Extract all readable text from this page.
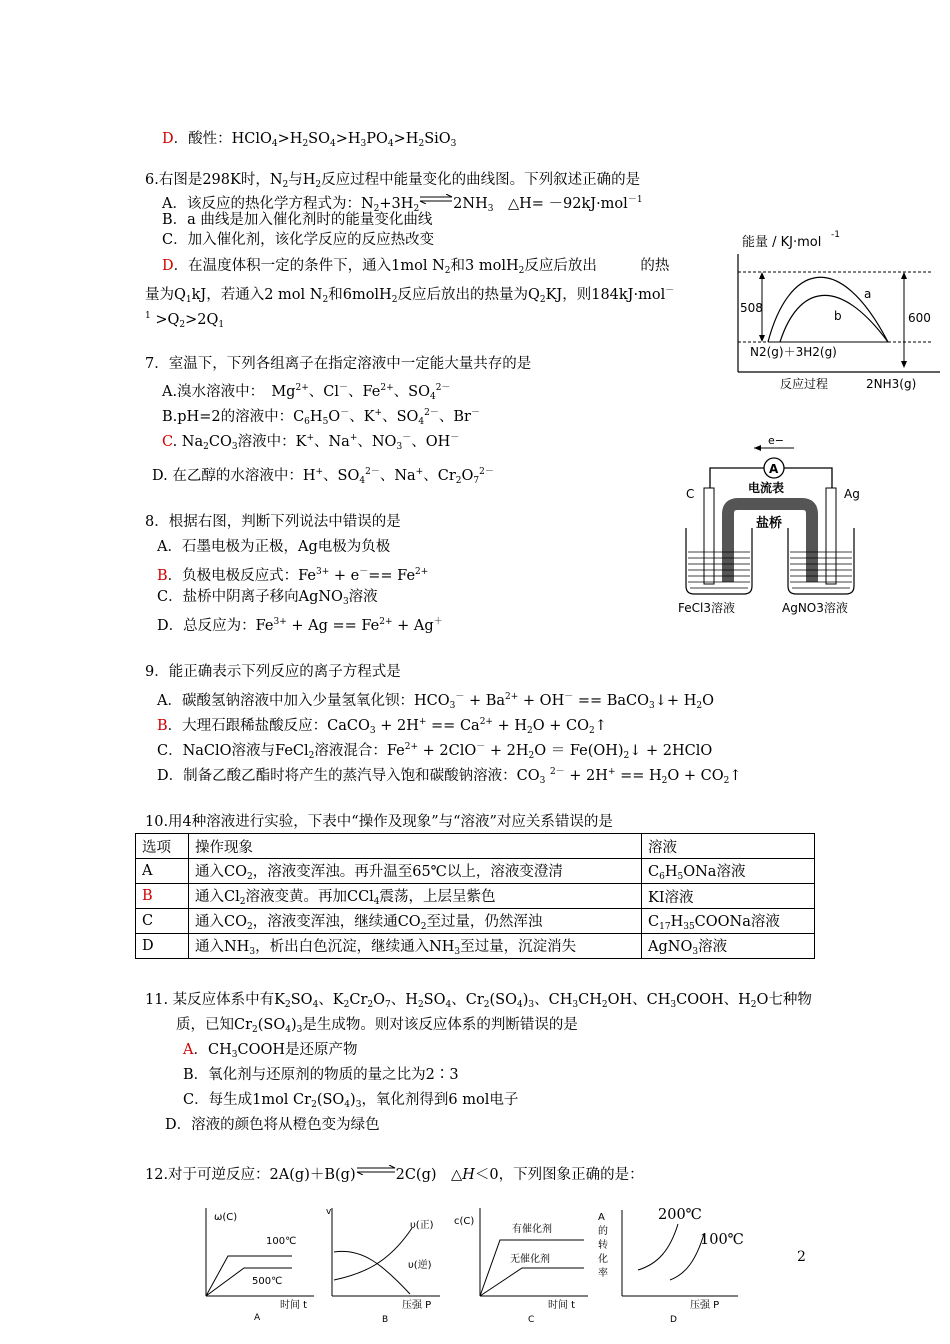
D．酸性：$HClO_4>H_2SO_4>H_3PO_4>H_2SiO_3$
6.右图是298K时，$N_2$与$H_2$反应过程中能量变化的曲线图。下列叙述正确的是
A．该反应的热化学方程式为：$N_2+3H_2$ $2NH_3$　△H= －92kJ·mol$^{-1}$
B．a 曲线是加入催化剂时的能量变化曲线
C．加入催化剂，该化学反应的反应热改变
D．在温度体积一定的条件下，通入1mol $N_2$和3 molH$_2$反应后放出　　　的热
量为$Q_1kJ$，若通入2 mol $N_2$和6molH$_2$反应后放出的热量为$Q_2KJ$，则184kJ·mol－
$^1 >Q_2>2Q_1$
能量 / KJ·mol -1
508
600
a
b
N2(g)＋3H2(g)
反应过程	2NH3(g)
7．室温下，下列各组离子在指定溶液中一定能大量共存的是
A.溴水溶液中：　$Mg^{2+}$、Cl－、$Fe^{2+}$、$SO_4^{2-}$
B.pH=2的溶液中：$C_6H_5O^-$、K+、$SO_4^{2-}$、Br－
C. $Na_2CO_3$溶液中：K+、Na+、$NO_3^-$、OH－
D. 在乙醇的水溶液中：H+、$SO_4^{2-}$、Na+、$Cr_2O_7^{2-}$
8．根据右图，判断下列说法中错误的是
A．石墨电极为正极，Ag电极为负极
B．负极电极反应式：$Fe^{3+} + e^-== Fe^{2+}$
C．盐桥中阴离子移向AgNO$_3$溶液
D．总反应为：$Fe^{3+} + Ag == Fe^{2+} + Ag^+$
e−
A
电流表
C	Ag
盐桥
FeCl3溶液	AgNO3溶液
9．能正确表示下列反应的离子方程式是
A．碳酸氢钠溶液中加入少量氢氧化钡：$HCO_3^- + Ba^{2+} + OH^-$ == BaCO$_3$↓+ $H_2O$
B．大理石跟稀盐酸反应：CaCO$_3$ + $2H^+ == Ca^{2+} + H_2O$ + $CO_2↑$
C．NaClO溶液与FeCl$_2$溶液混合：$Fe^{2+} + 2ClO^- + 2H_2O$ ＝ $Fe(OH)_2↓$ + 2HClO
D．制备乙酸乙酯时将产生的蒸汽导入饱和碳酸钠溶液：$CO_3$ $^{2-} + 2H^+ == H_2O$ + $CO_2↑$
10.用4种溶液进行实验，下表中“操作及现象”与“溶液”对应关系错误的是
选项	操作现象	溶液
A	通入$CO_2$，溶液变浑浊。再升温至65℃以上，溶液变澄清	$C_6H_5ONa$溶液
B	通入$Cl_2$溶液变黄。再加CCl$_4$震荡，上层呈紫色	KI溶液
C	通入$CO_2$，溶液变浑浊，继续通$CO_2$至过量，仍然浑浊	$C_{17}H_{35}COONa$溶液
D	通入$NH_3$，析出白色沉淀，继续通入$NH_3$至过量，沉淀消失	AgNO$_3$溶液
11. 某反应体系中有$K_2SO_4$、$K_2Cr_2O_7$、$H_2SO_4$、$Cr_2(SO_4)_3$、$CH_3CH_2OH$、$CH_3COOH$、$H_2O$七种物
质，已知$Cr_2(SO_4)_3$是生成物。则对该反应体系的判断错误的是
A．$CH_3COOH$是还原产物
B．氧化剂与还原剂的物质的量之比为2∶3
C．每生成1mol $Cr_2(SO_4)_3$，氧化剂得到6 mol电子
D．溶液的颜色将从橙色变为绿色
12.对于可逆反应：2A(g)＋B(g)	2C(g)　△H＜0，下列图象正确的是：
ω(C)
100℃
500℃
时间 t
A
v
υ(正)
υ(逆)
压强 P
B
c(C)
有催化剂
无催化剂
时间 t
C
A
的
转
化
率
压强 P
D
200℃
100℃
2
